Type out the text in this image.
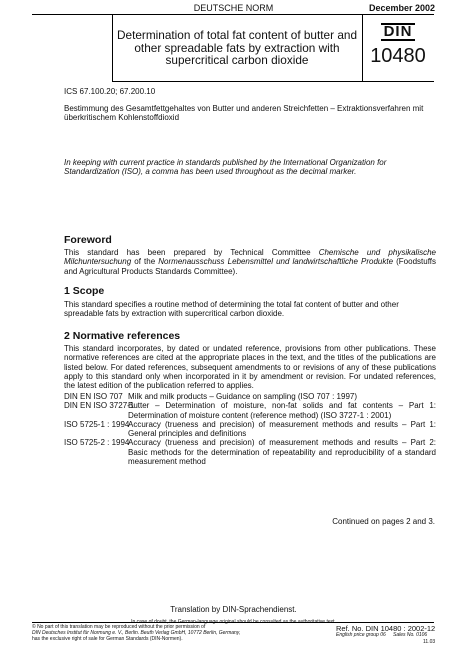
DEUTSCHE NORM	December 2002
Determination of total fat content of butter and
other spreadable fats by extraction with
supercritical carbon dioxide
DIN
10480
ICS 67.100.20; 67.200.10
Bestimmung des Gesamtfettgehaltes von Butter und anderen Streichfetten – Extraktionsverfahren mit überkritischem Kohlenstoffdioxid
In keeping with current practice in standards published by the International Organization for Standardization (ISO), a comma has been used throughout as the decimal marker.
Foreword
This standard has been prepared by Technical Committee Chemische und physikalische Milchuntersuchung of the Normenausschuss Lebensmittel und landwirtschaftliche Produkte (Foodstuffs and Agricultural Products Standards Committee).
1 Scope
This standard specifies a routine method of determining the total fat content of butter and other spreadable fats by extraction with supercritical carbon dioxide.
2 Normative references
This standard incorporates, by dated or undated reference, provisions from other publications. These normative references are cited at the appropriate places in the text, and the titles of the publications are listed below. For dated references, subsequent amendments to or revisions of any of these publications apply to this standard only when incorporated in it by amendment or revision. For undated references, the latest edition of the publication referred to applies.
DIN EN ISO 707 Milk and milk products – Guidance on sampling (ISO 707 : 1997)
DIN EN ISO 3727-1
Butter – Determination of moisture, non-fat solids and fat contents – Part 1: Determination of moisture content (reference method) (ISO 3727-1 : 2001)
ISO 5725-1 : 1994
Accuracy (trueness and precision) of measurement methods and results – Part 1: General principles and definitions
ISO 5725-2 : 1994
Accuracy (trueness and precision) of measurement methods and results – Part 2: Basic methods for the determination of repeatability and reproducibility of a standard measurement method
Continued on pages 2 and 3.
Translation by DIN-Sprachendienst.
In case of doubt, the German-language original should be consulted as the authoritative text.
© No part of this translation may be reproduced without the prior permission of
DIN Deutsches Institut für Normung e. V., Berlin. Beuth Verlag GmbH, 10772 Berlin, Germany,
has the exclusive right of sale for German Standards (DIN-Normen).
Ref. No. DIN 10480 : 2002-12
English price group 06 Sales No. 0106
11.03
